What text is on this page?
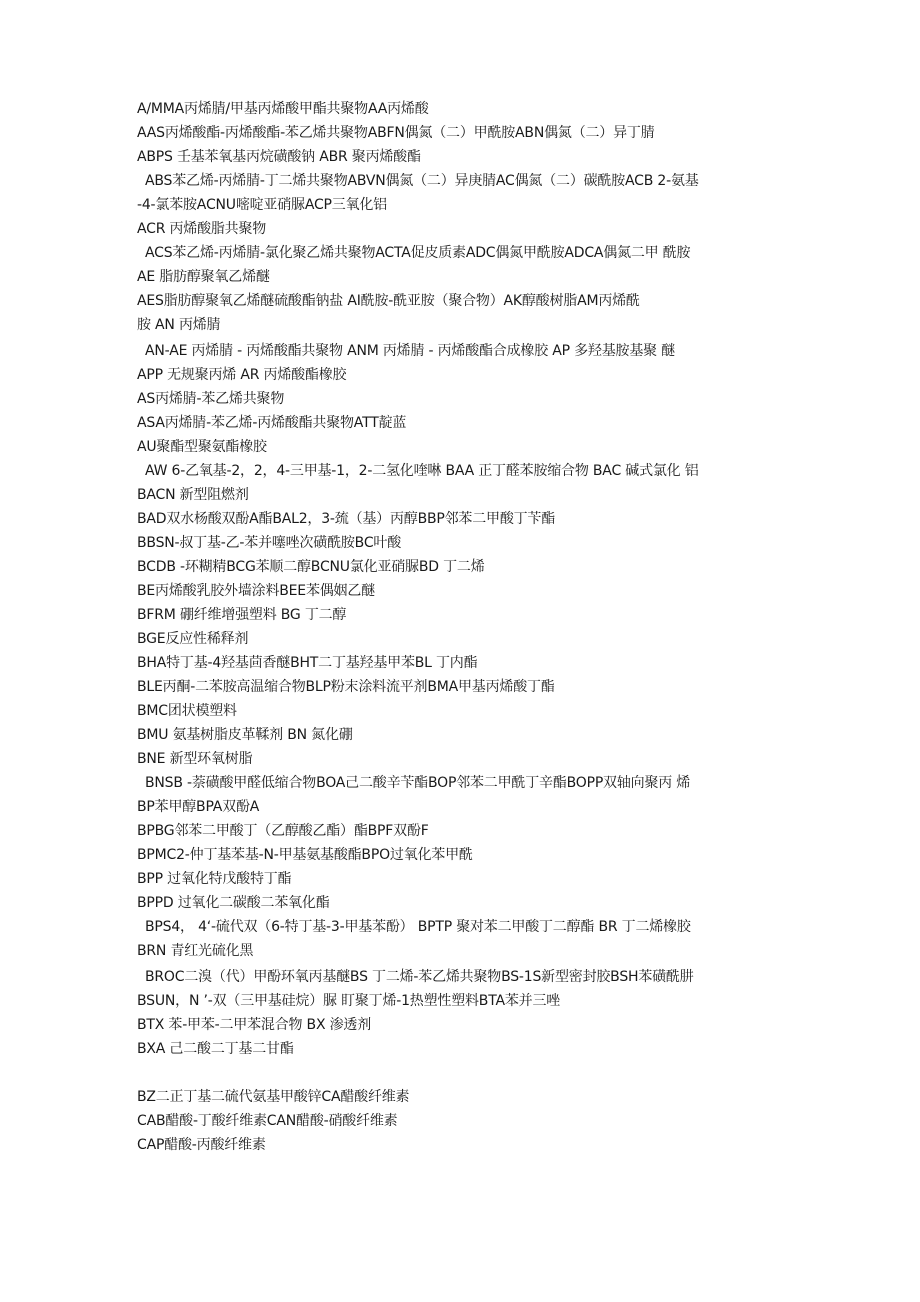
A/MMA丙烯腈/甲基丙烯酸甲酯共聚物AA丙烯酸
AAS丙烯酸酯-丙烯酸酯-苯乙烯共聚物ABFN偶氮（二）甲酰胺ABN偶氮（二）异丁腈
ABPS 壬基苯氧基丙烷磺酸钠 ABR 聚丙烯酸酯
ABS苯乙烯-丙烯腈-丁二烯共聚物ABVN偶氮（二）异庚腈AC偶氮（二）碳酰胺ACB 2-氨基
-4-氯苯胺ACNU嘧啶亚硝脲ACP三氧化铝
ACR 丙烯酸脂共聚物
ACS苯乙烯-丙烯腈-氯化聚乙烯共聚物ACTA促皮质素ADC偶氮甲酰胺ADCA偶氮二甲 酰胺
AE 脂肪醇聚氧乙烯醚
AES脂肪醇聚氧乙烯醚硫酸酯钠盐 AI酰胺-酰亚胺（聚合物）AK醇酸树脂AM丙烯酰
胺 AN 丙烯腈
AN-AE 丙烯腈 - 丙烯酸酯共聚物 ANM 丙烯腈 - 丙烯酸酯合成橡胶 AP 多羟基胺基聚 醚
APP 无规聚丙烯 AR 丙烯酸酯橡胶
AS丙烯腈-苯乙烯共聚物
ASA丙烯腈-苯乙烯-丙烯酸酯共聚物ATT靛蓝
AU聚酯型聚氨酯橡胶
AW 6-乙氧基-2，2，4-三甲基-1，2-二氢化喹啉 BAA 正丁醛苯胺缩合物 BAC 碱式氯化 铝
BACN 新型阻燃剂
BAD双水杨酸双酚A酯BAL2，3-巯（基）丙醇BBP邻苯二甲酸丁苄酯
BBSN-叔丁基-乙-苯并噻唑次磺酰胺BC叶酸
BCDB -环糊精BCG苯顺二醇BCNU氯化亚硝脲BD 丁二烯
BE丙烯酸乳胶外墙涂料BEE苯偶姻乙醚
BFRM 硼纤维增强塑料 BG 丁二醇
BGE反应性稀释剂
BHA特丁基-4羟基茴香醚BHT二丁基羟基甲苯BL 丁内酯
BLE丙酮-二苯胺高温缩合物BLP粉末涂料流平剂BMA甲基丙烯酸丁酯
BMC团状模塑料
BMU 氨基树脂皮革鞣剂 BN 氮化硼
BNE 新型环氧树脂
BNSB -萘磺酸甲醛低缩合物BOA己二酸辛苄酯BOP邻苯二甲酰丁辛酯BOPP双轴向聚丙 烯
BP苯甲醇BPA双酚A
BPBG邻苯二甲酸丁（乙醇酸乙酯）酯BPF双酚F
BPMC2-仲丁基苯基-N-甲基氨基酸酯BPO过氧化苯甲酰
BPP 过氧化特戊酸特丁酯
BPPD 过氧化二碳酸二苯氧化酯
BPS4， 4‘-硫代双（6-特丁基-3-甲基苯酚） BPTP 聚对苯二甲酸丁二醇酯 BR 丁二烯橡胶
BRN 青红光硫化黑
BROC二溴（代）甲酚环氧丙基醚BS 丁二烯-苯乙烯共聚物BS-1S新型密封胶BSH苯磺酰肼
BSUN，N ’-双（三甲基硅烷）脲 盯聚丁烯-1热塑性塑料BTA苯并三唑
BTX 苯-甲苯-二甲苯混合物 BX 渗透剂
BXA 己二酸二丁基二甘酯
BZ二正丁基二硫代氨基甲酸锌CA醋酸纤维素
CAB醋酸-丁酸纤维素CAN醋酸-硝酸纤维素
CAP醋酸-丙酸纤维素
